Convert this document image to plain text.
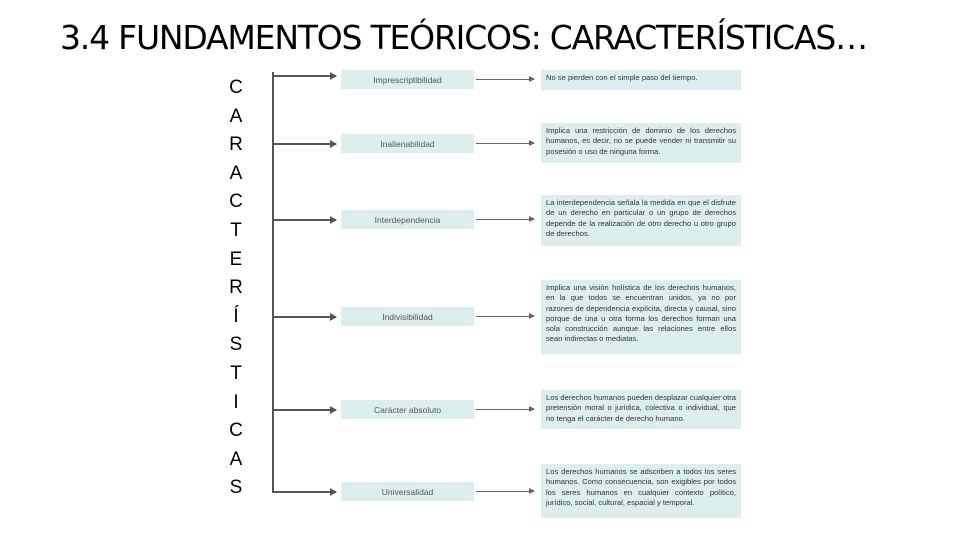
3.4 FUNDAMENTOS TEÓRICOS: CARACTERÍSTICAS…
C
A
R
A
C
T
E
R
Í
S
T
I
C
A
S
Imprescriptibilidad	No se pierden con el simple paso del tiempo.
Inalienabilidad
Implica una restricción de dominio de los derechos humanos, es decir, no se puede vender ni transmitir su posesión o uso de ninguna forma.
Interdependencia
La interdependencia señala la medida en que el disfrute de un derecho en particular o un grupo de derechos depende de la realización de otro derecho u otro grupo de derechos.
Indivisibilidad
Implica una visión holística de los derechos humanos, en la que todos se encuentran unidos, ya no por razones de dependencia explícita, directa y causal, sino porque de una u otra forma los derechos forman una sola construcción aunque las relaciones entre ellos sean indirectas o mediatas.
Carácter absoluto
Los derechos humanos pueden desplazar cualquier otra pretensión moral o jurídica, colectiva o individual, que no tenga el carácter de derecho humano.
Universalidad
Los derechos humanos se adscriben a todos los seres humanos. Como consecuencia, son exigibles por todos los seres humanos en cualquier contexto político, jurídico, social, cultural, espacial y temporal.
